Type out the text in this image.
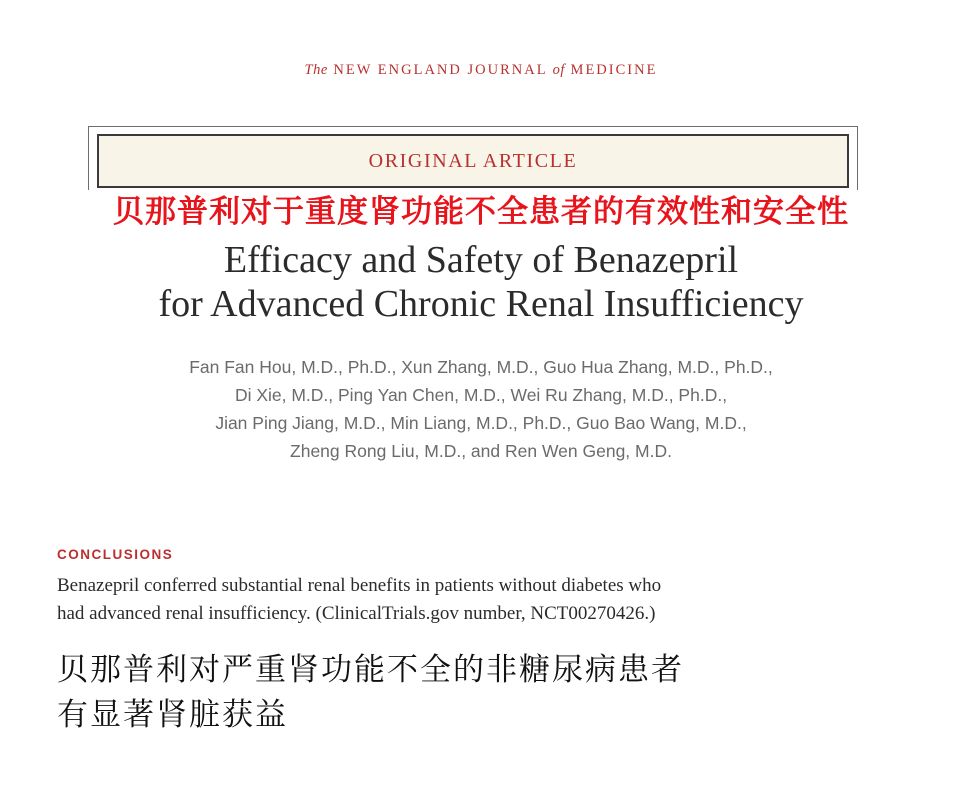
The NEW ENGLAND JOURNAL of MEDICINE
ORIGINAL ARTICLE
贝那普利对于重度肾功能不全患者的有效性和安全性
Efficacy and Safety of Benazepril
for Advanced Chronic Renal Insufficiency
Fan Fan Hou, M.D., Ph.D., Xun Zhang, M.D., Guo Hua Zhang, M.D., Ph.D.,
Di Xie, M.D., Ping Yan Chen, M.D., Wei Ru Zhang, M.D., Ph.D.,
Jian Ping Jiang, M.D., Min Liang, M.D., Ph.D., Guo Bao Wang, M.D.,
Zheng Rong Liu, M.D., and Ren Wen Geng, M.D.
CONCLUSIONS
Benazepril conferred substantial renal benefits in patients without diabetes who
had advanced renal insufficiency. (ClinicalTrials.gov number, NCT00270426.)
贝那普利对严重肾功能不全的非糖尿病患者
有显著肾脏获益
